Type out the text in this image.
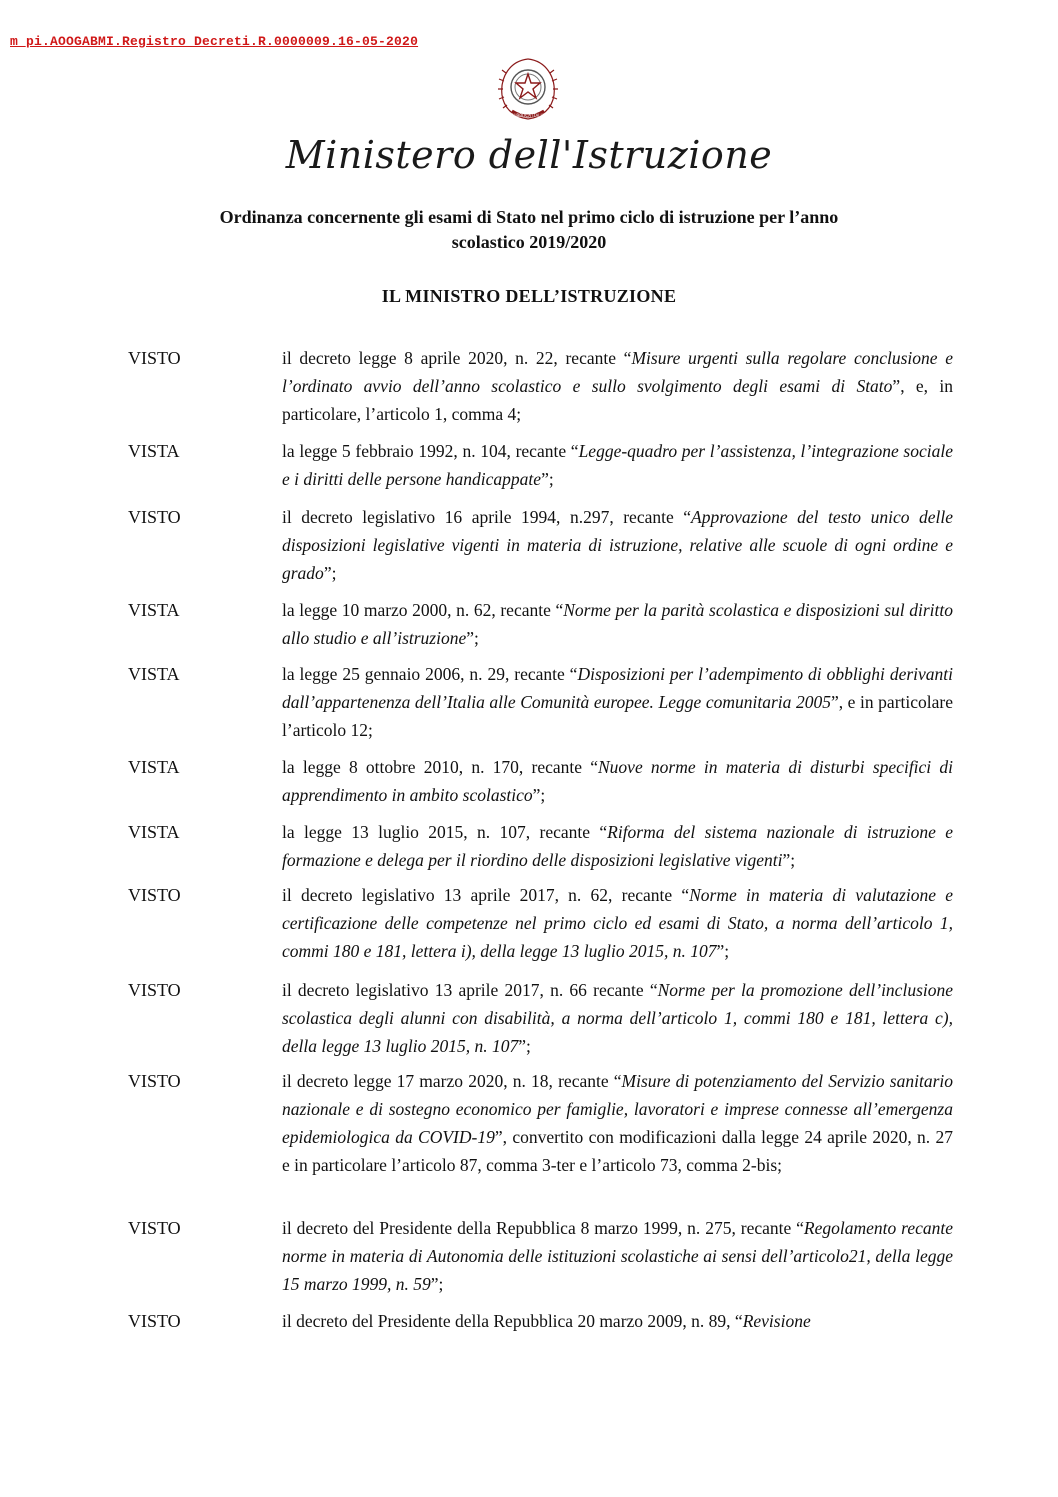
m_pi.AOOGABMI.Registro Decreti.R.0000009.16-05-2020
REPUBBLICA ITALIANA
Ministero dell'Istruzione
Ordinanza concernente gli esami di Stato nel primo ciclo di istruzione per l’anno
scolastico 2019/2020
IL MINISTRO DELL’ISTRUZIONE
VISTO	il decreto legge 8 aprile 2020, n. 22, recante “Misure urgenti sulla regolare conclusione e l’ordinato avvio dell’anno scolastico e sullo svolgimento degli esami di Stato”, e, in particolare, l’articolo 1, comma 4;
VISTA	la legge 5 febbraio 1992, n. 104, recante “Legge-quadro per l’assistenza, l’integrazione sociale e i diritti delle persone handicappate”;
VISTO	il decreto legislativo 16 aprile 1994, n.297, recante “Approvazione del testo unico delle disposizioni legislative vigenti in materia di istruzione, relative alle scuole di ogni ordine e grado”;
VISTA	la legge 10 marzo 2000, n. 62, recante “Norme per la parità scolastica e disposizioni sul diritto allo studio e all’istruzione”;
VISTA	la legge 25 gennaio 2006, n. 29, recante “Disposizioni per l’adempimento di obblighi derivanti dall’appartenenza dell’Italia alle Comunità europee. Legge comunitaria 2005”, e in particolare l’articolo 12;
VISTA	la legge 8 ottobre 2010, n. 170, recante “Nuove norme in materia di disturbi specifici di apprendimento in ambito scolastico”;
VISTA	la legge 13 luglio 2015, n. 107, recante “Riforma del sistema nazionale di istruzione e formazione e delega per il riordino delle disposizioni legislative vigenti”;
VISTO	il decreto legislativo 13 aprile 2017, n. 62, recante “Norme in materia di valutazione e certificazione delle competenze nel primo ciclo ed esami di Stato, a norma dell’articolo 1, commi 180 e 181, lettera i), della legge 13 luglio 2015, n. 107”;
VISTO	il decreto legislativo 13 aprile 2017, n. 66 recante “Norme per la promozione dell’inclusione scolastica degli alunni con disabilità, a norma dell’articolo 1, commi 180 e 181, lettera c), della legge 13 luglio 2015, n. 107”;
VISTO	il decreto legge 17 marzo 2020, n. 18, recante “Misure di potenziamento del Servizio sanitario nazionale e di sostegno economico per famiglie, lavoratori e imprese connesse all’emergenza epidemiologica da COVID-19”, convertito con modificazioni dalla legge 24 aprile 2020, n. 27 e in particolare l’articolo 87, comma 3-ter e l’articolo 73, comma 2-bis;
VISTO	il decreto del Presidente della Repubblica 8 marzo 1999, n. 275, recante “Regolamento recante norme in materia di Autonomia delle istituzioni scolastiche ai sensi dell’articolo21, della legge 15 marzo 1999, n. 59”;
VISTO	il decreto del Presidente della Repubblica 20 marzo 2009, n. 89, “Revisione
